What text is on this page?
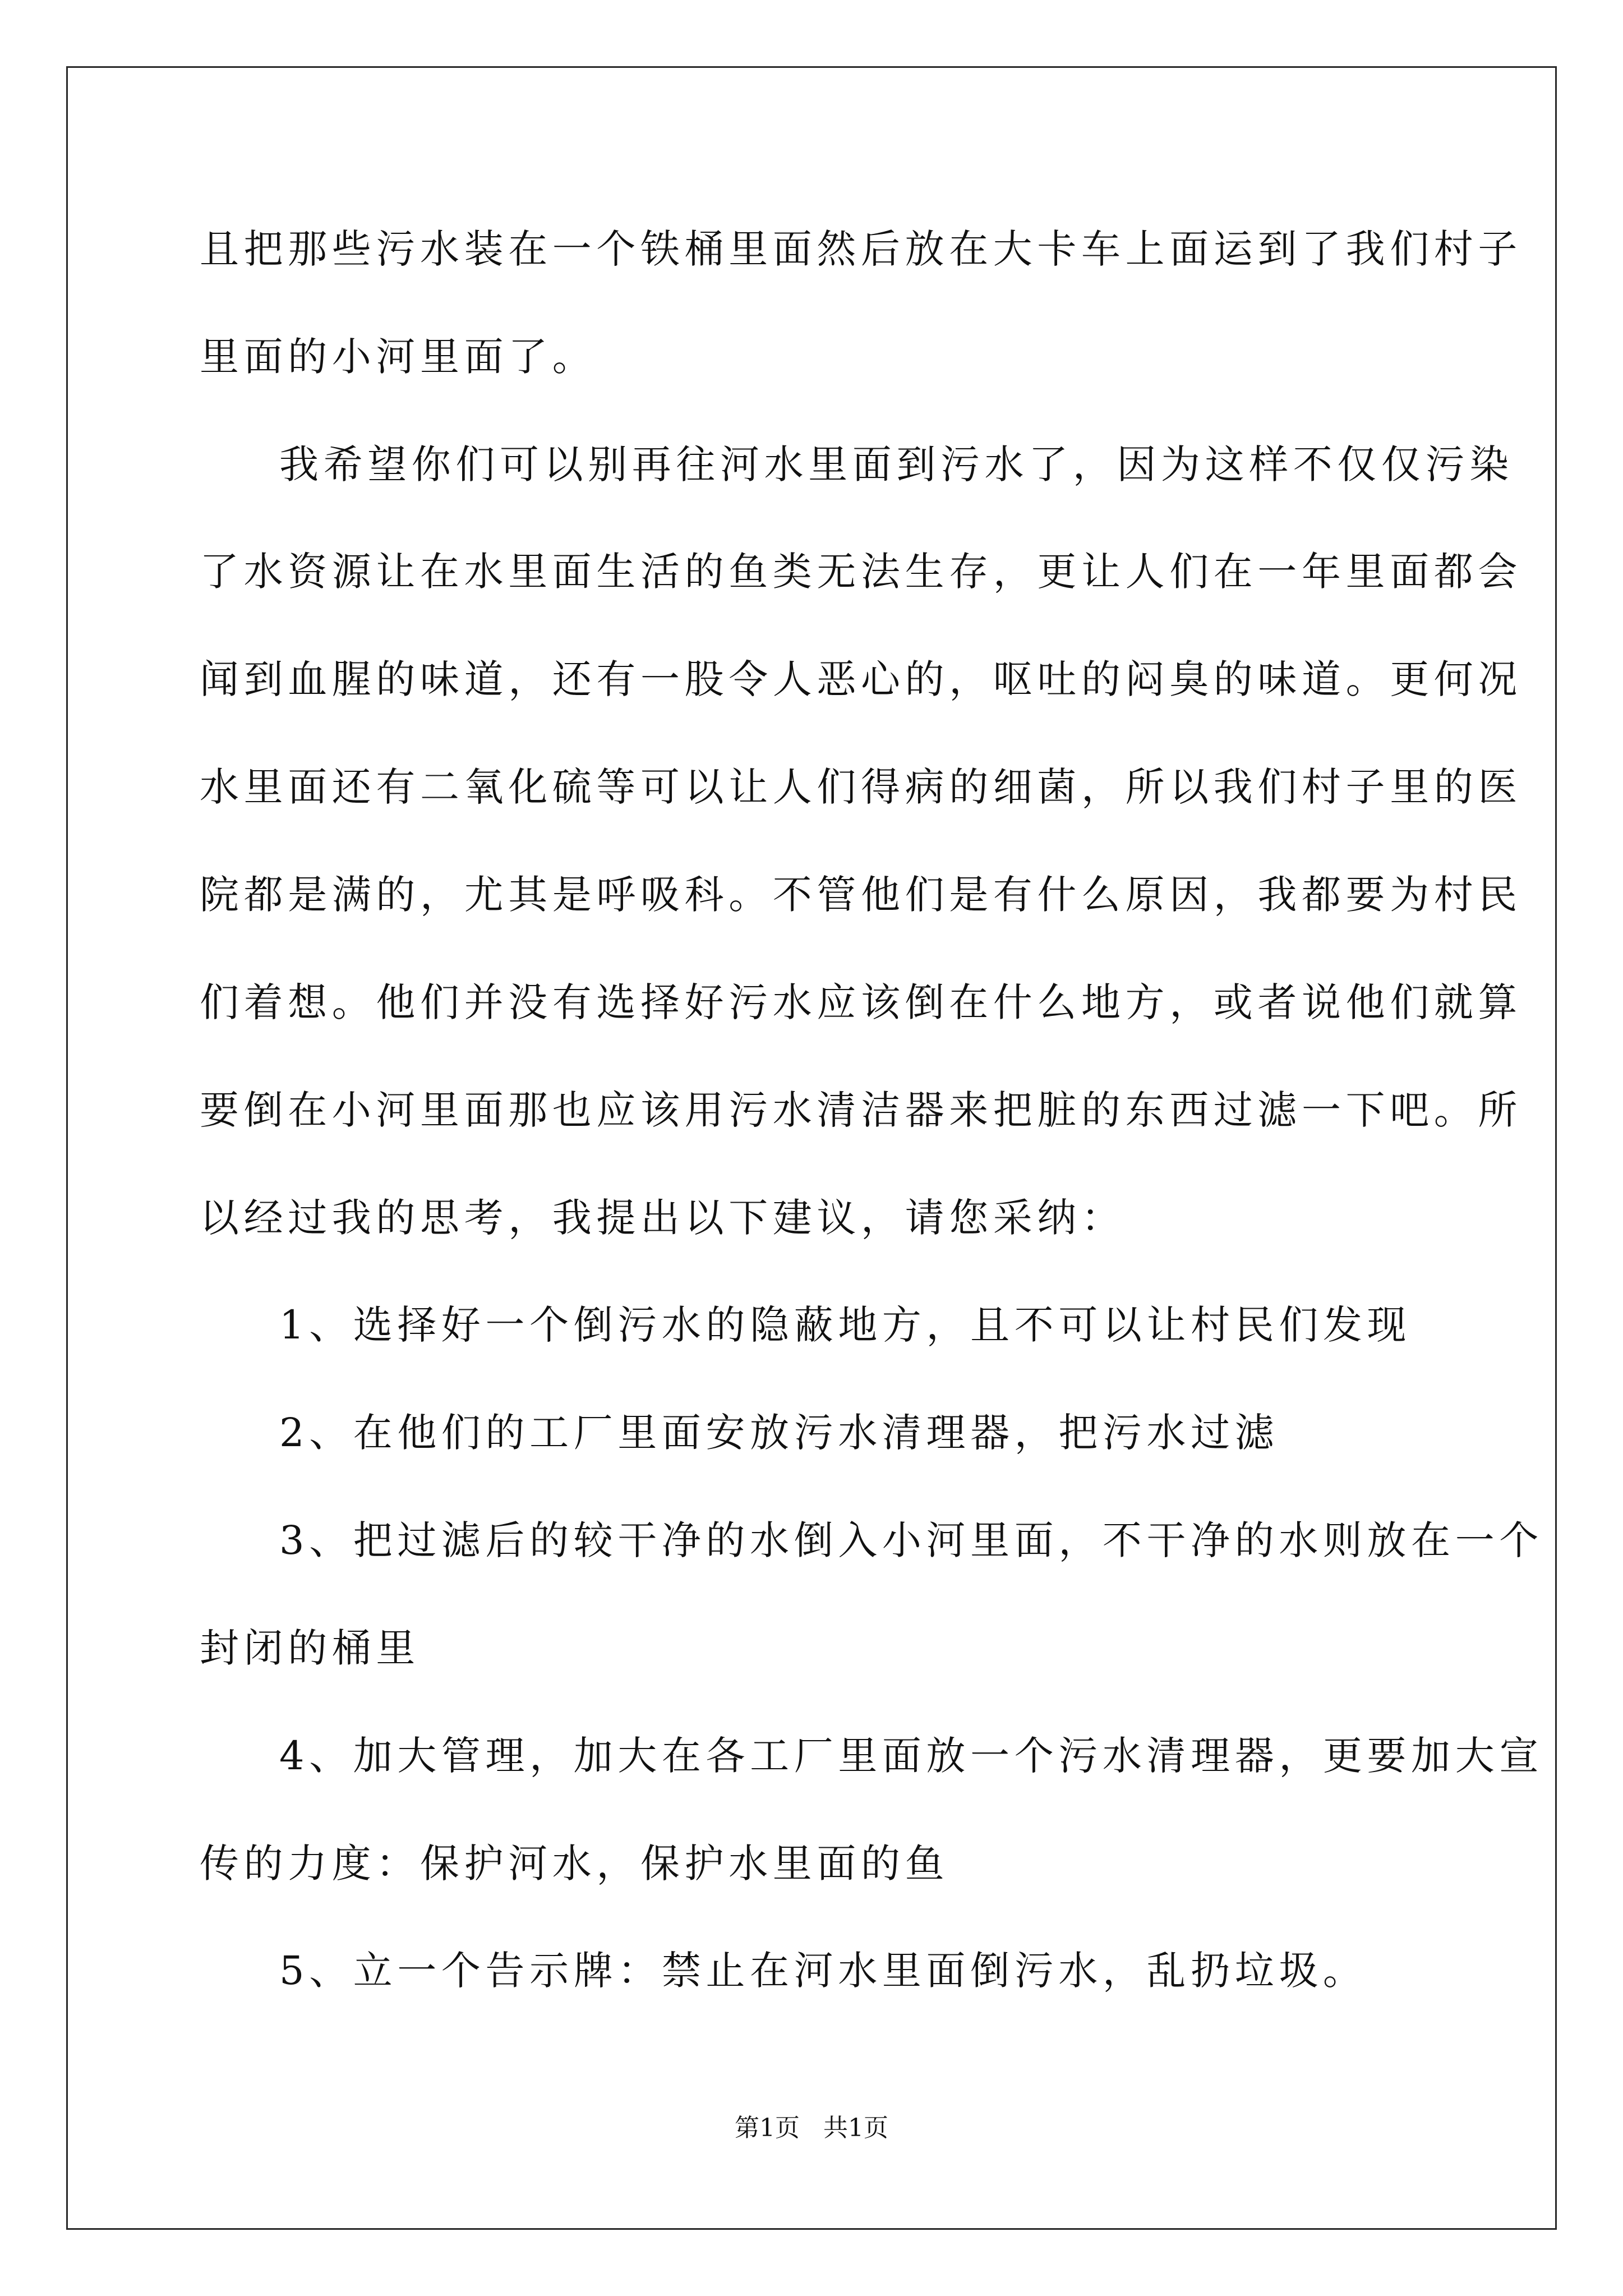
且把那些污水装在一个铁桶里面然后放在大卡车上面运到了我们村子
里面的小河里面了。
我希望你们可以别再往河水里面到污水了，因为这样不仅仅污染
了水资源让在水里面生活的鱼类无法生存，更让人们在一年里面都会
闻到血腥的味道，还有一股令人恶心的，呕吐的闷臭的味道。更何况
水里面还有二氧化硫等可以让人们得病的细菌，所以我们村子里的医
院都是满的，尤其是呼吸科。不管他们是有什么原因，我都要为村民
们着想。他们并没有选择好污水应该倒在什么地方，或者说他们就算
要倒在小河里面那也应该用污水清洁器来把脏的东西过滤一下吧。所
以经过我的思考，我提出以下建议，请您采纳：
1、选择好一个倒污水的隐蔽地方，且不可以让村民们发现
2、在他们的工厂里面安放污水清理器，把污水过滤
3、把过滤后的较干净的水倒入小河里面，不干净的水则放在一个
封闭的桶里
4、加大管理，加大在各工厂里面放一个污水清理器，更要加大宣
传的力度：保护河水，保护水里面的鱼
5、立一个告示牌：禁止在河水里面倒污水，乱扔垃圾。
第1页   共1页
